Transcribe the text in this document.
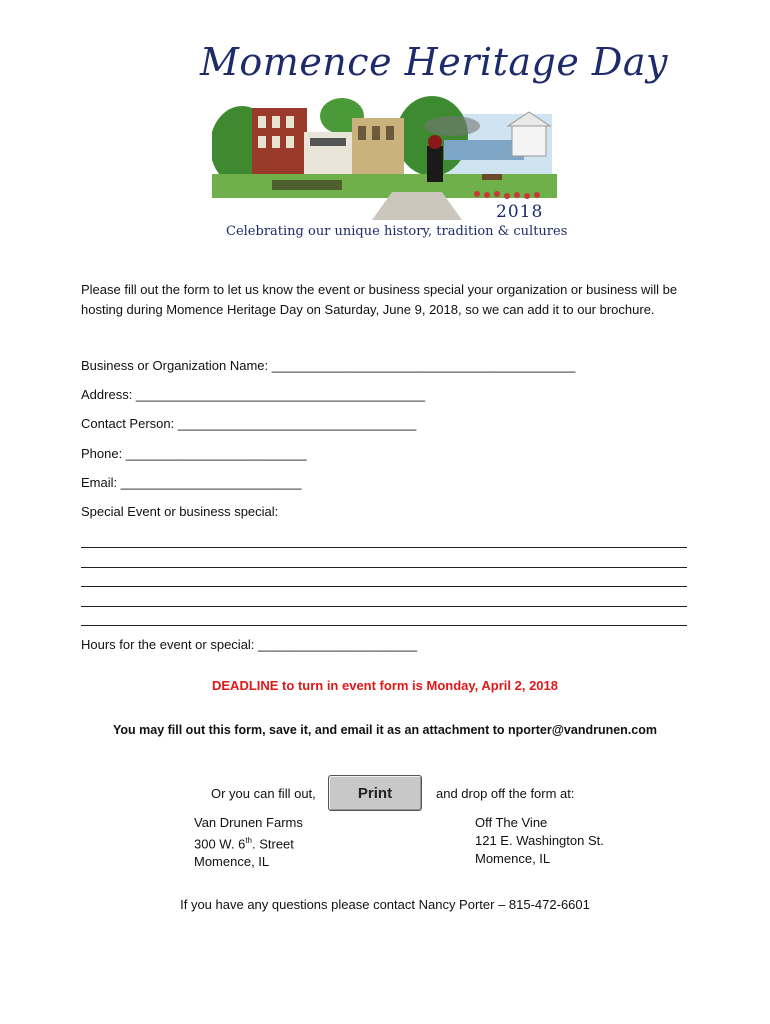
Momence Heritage Day
2018
Celebrating our unique history, tradition & cultures
Please fill out the form to let us know the event or business special your organization or business will be hosting during Momence Heritage Day on Saturday, June 9, 2018, so we can add it to our brochure.
Business or Organization Name: __________________________________________
Address: ________________________________________
Contact Person: _________________________________
Phone: _________________________
Email: _________________________
Special Event or business special:
Hours for the event or special: ______________________
DEADLINE to turn in event form is Monday, April 2, 2018
You may fill out this form, save it, and email it as an attachment to nporter@vandrunen.com
Or you can fill out,	Print	and drop off the form at:
Van Drunen Farms
300 W. 6th. Street
Momence, IL
Off The Vine
121 E. Washington St.
Momence, IL
If you have any questions please contact Nancy Porter – 815-472-6601
